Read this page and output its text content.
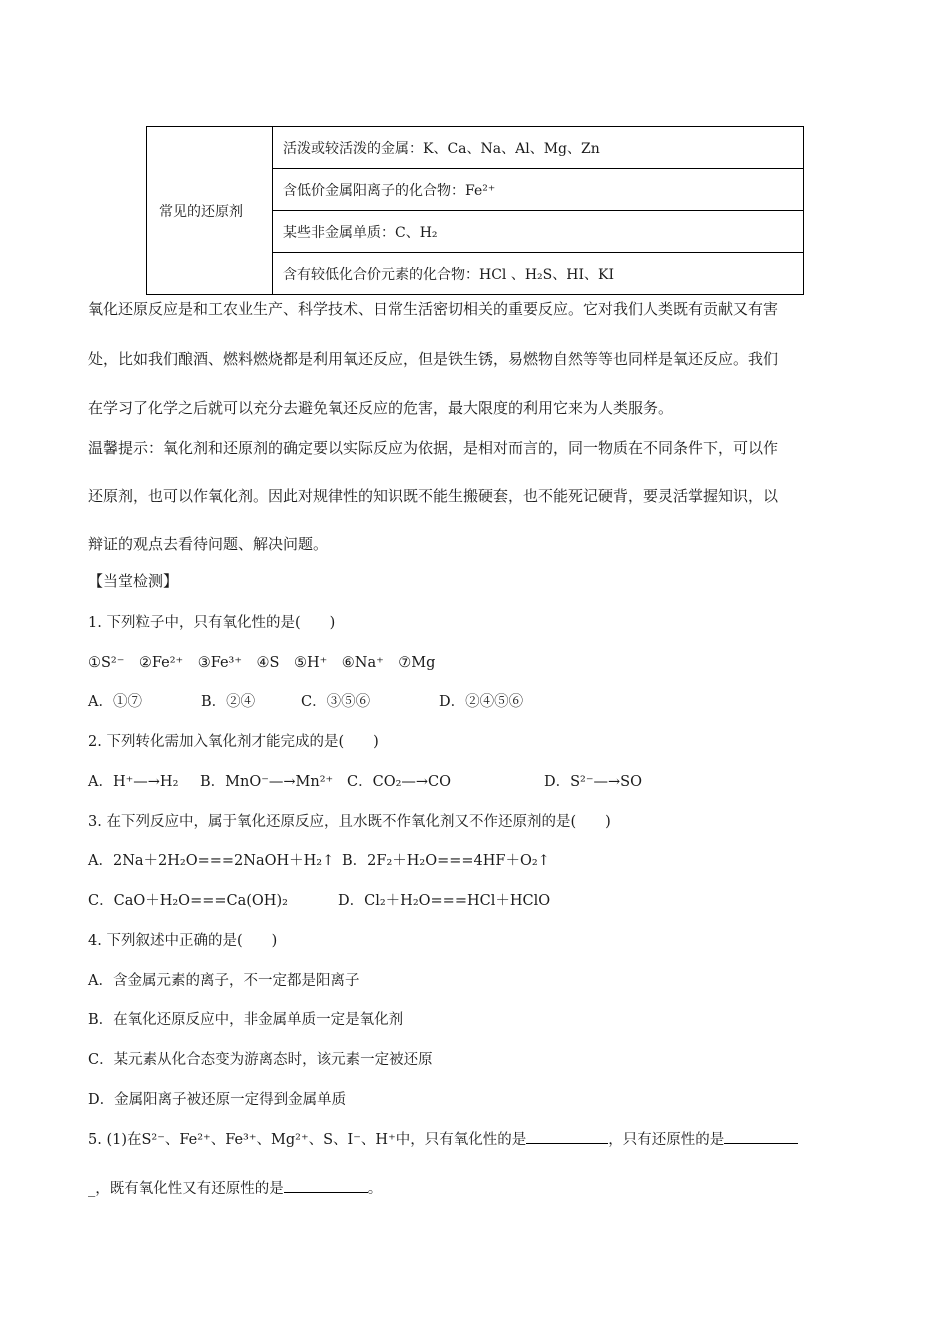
常见的还原剂	活泼或较活泼的金属：K、Ca、Na、Al、Mg、Zn
含低价金属阳离子的化合物：Fe²⁺
某些非金属单质：C、H₂
含有较低化合价元素的化合物：HCl 、H₂S、HI、KI
氧化还原反应是和工农业生产、科学技术、日常生活密切相关的重要反应。它对我们人类既有贡献又有害
处，比如我们酿酒、燃料燃烧都是利用氧还反应，但是铁生锈，易燃物自然等等也同样是氧还反应。我们
在学习了化学之后就可以充分去避免氧还反应的危害，最大限度的利用它来为人类服务。
温馨提示：氧化剂和还原剂的确定要以实际反应为依据，是相对而言的，同一物质在不同条件下，可以作
还原剂，也可以作氧化剂。因此对规律性的知识既不能生搬硬套，也不能死记硬背，要灵活掌握知识，以
辩证的观点去看待问题、解决问题。
【当堂检测】
1. 下列粒子中，只有氧化性的是(　　)
①S²⁻　②Fe²⁺　③Fe³⁺　④S　⑤H⁺　⑥Na⁺　⑦Mg
A．①⑦	B．②④	C．③⑤⑥	D．②④⑤⑥
2. 下列转化需加入氧化剂才能完成的是(　　)
A．H⁺—→H₂ B．MnO⁻—→Mn²⁺ C．CO₂—→CO	D．S²⁻—→SO
3. 在下列反应中，属于氧化还原反应，且水既不作氧化剂又不作还原剂的是(　　)
A．2Na＋2H₂O===2NaOH＋H₂↑ B．2F₂＋H₂O===4HF＋O₂↑
C．CaO＋H₂O===Ca(OH)₂	D．Cl₂＋H₂O===HCl＋HClO
4. 下列叙述中正确的是(　　)
A．含金属元素的离子，不一定都是阳离子
B．在氧化还原反应中，非金属单质一定是氧化剂
C．某元素从化合态变为游离态时，该元素一定被还原
D．金属阳离子被还原一定得到金属单质
5. (1)在S²⁻、Fe²⁺、Fe³⁺、Mg²⁺、S、I⁻、H⁺中，只有氧化性的是	，只有还原性的是
_，既有氧化性又有还原性的是	。
